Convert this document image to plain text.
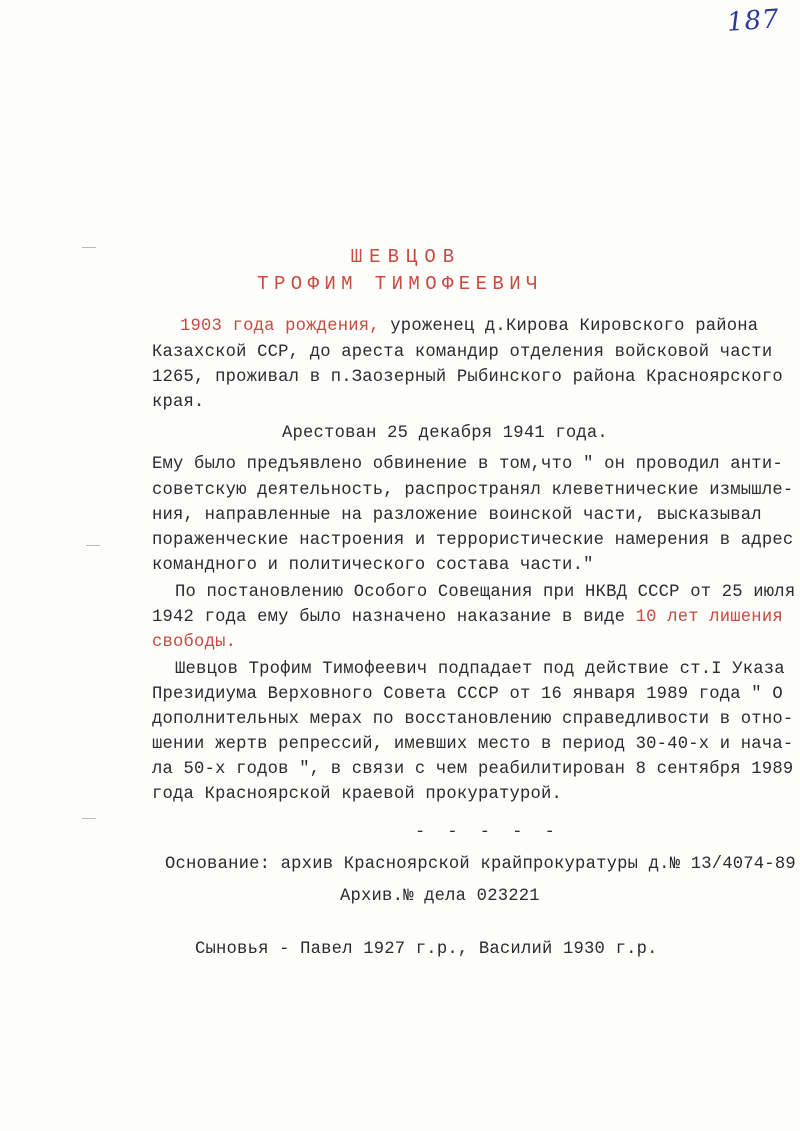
187
ШЕВЦОВ
ТРОФИМ ТИМОФЕЕВИЧ
1903 года рождения, уроженец д.Кирова Кировского района
Казахской ССР, до ареста командир отделения войсковой части
1265, проживал в п.Заозерный Рыбинского района Красноярского
края.
Арестован 25 декабря 1941 года.
Ему было предъявлено обвинение в том,что " он проводил анти-
советскую деятельность, распространял клеветнические измышле-
ния, направленные на разложение воинской части, высказывал
пораженческие настроения и террористические намерения в адрес
командного и политического состава части."
По постановлению Особого Совещания при НКВД СССР от 25 июля
1942 года ему было назначено наказание в виде 10 лет лишения
свободы.
Шевцов Трофим Тимофеевич подпадает под действие ст.I Указа
Президиума Верховного Совета СССР от 16 января 1989 года " О
дополнительных мерах по восстановлению справедливости в отно-
шении жертв репрессий, имевших место в период 30-40-х и нача-
ла 50-х годов ", в связи с чем реабилитирован 8 сентября 1989
года Красноярской краевой прокуратурой.
- - - - -
Основание: архив Красноярской крайпрокуратуры д.№ 13/4074-89
Архив.№ дела 023221
Сыновья - Павел 1927 г.р., Василий 1930 г.р.
